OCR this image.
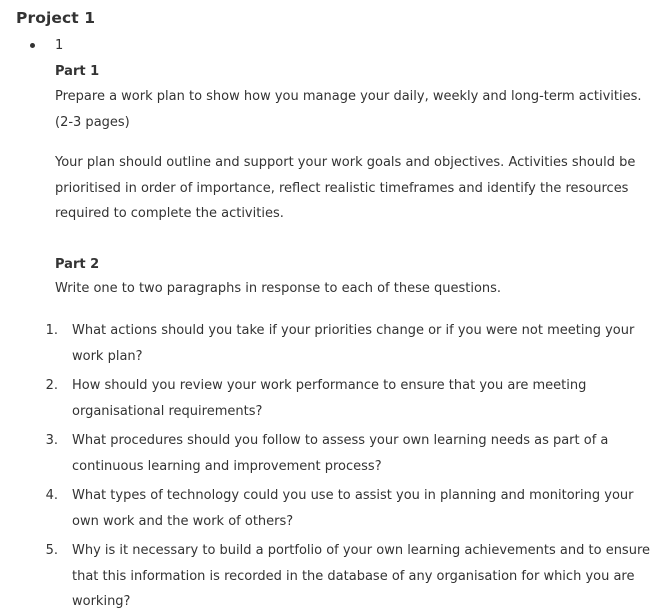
Project 1
1
Part 1

Prepare a work plan to show how you manage your daily, weekly and long-term activities. (2-3 pages)

Your plan should outline and support your work goals and objectives. Activities should be prioritised in order of importance, reflect realistic timeframes and identify the resources required to complete the activities.

Part 2

Write one to two paragraphs in response to each of these questions.

1. What actions should you take if your priorities change or if you were not meeting your work plan?
2. How should you review your work performance to ensure that you are meeting organisational requirements?
3. What procedures should you follow to assess your own learning needs as part of a continuous learning and improvement process?
4. What types of technology could you use to assist you in planning and monitoring your own work and the work of others?
5. Why is it necessary to build a portfolio of your own learning achievements and to ensure that this information is recorded in the database of any organisation for which you are working?
